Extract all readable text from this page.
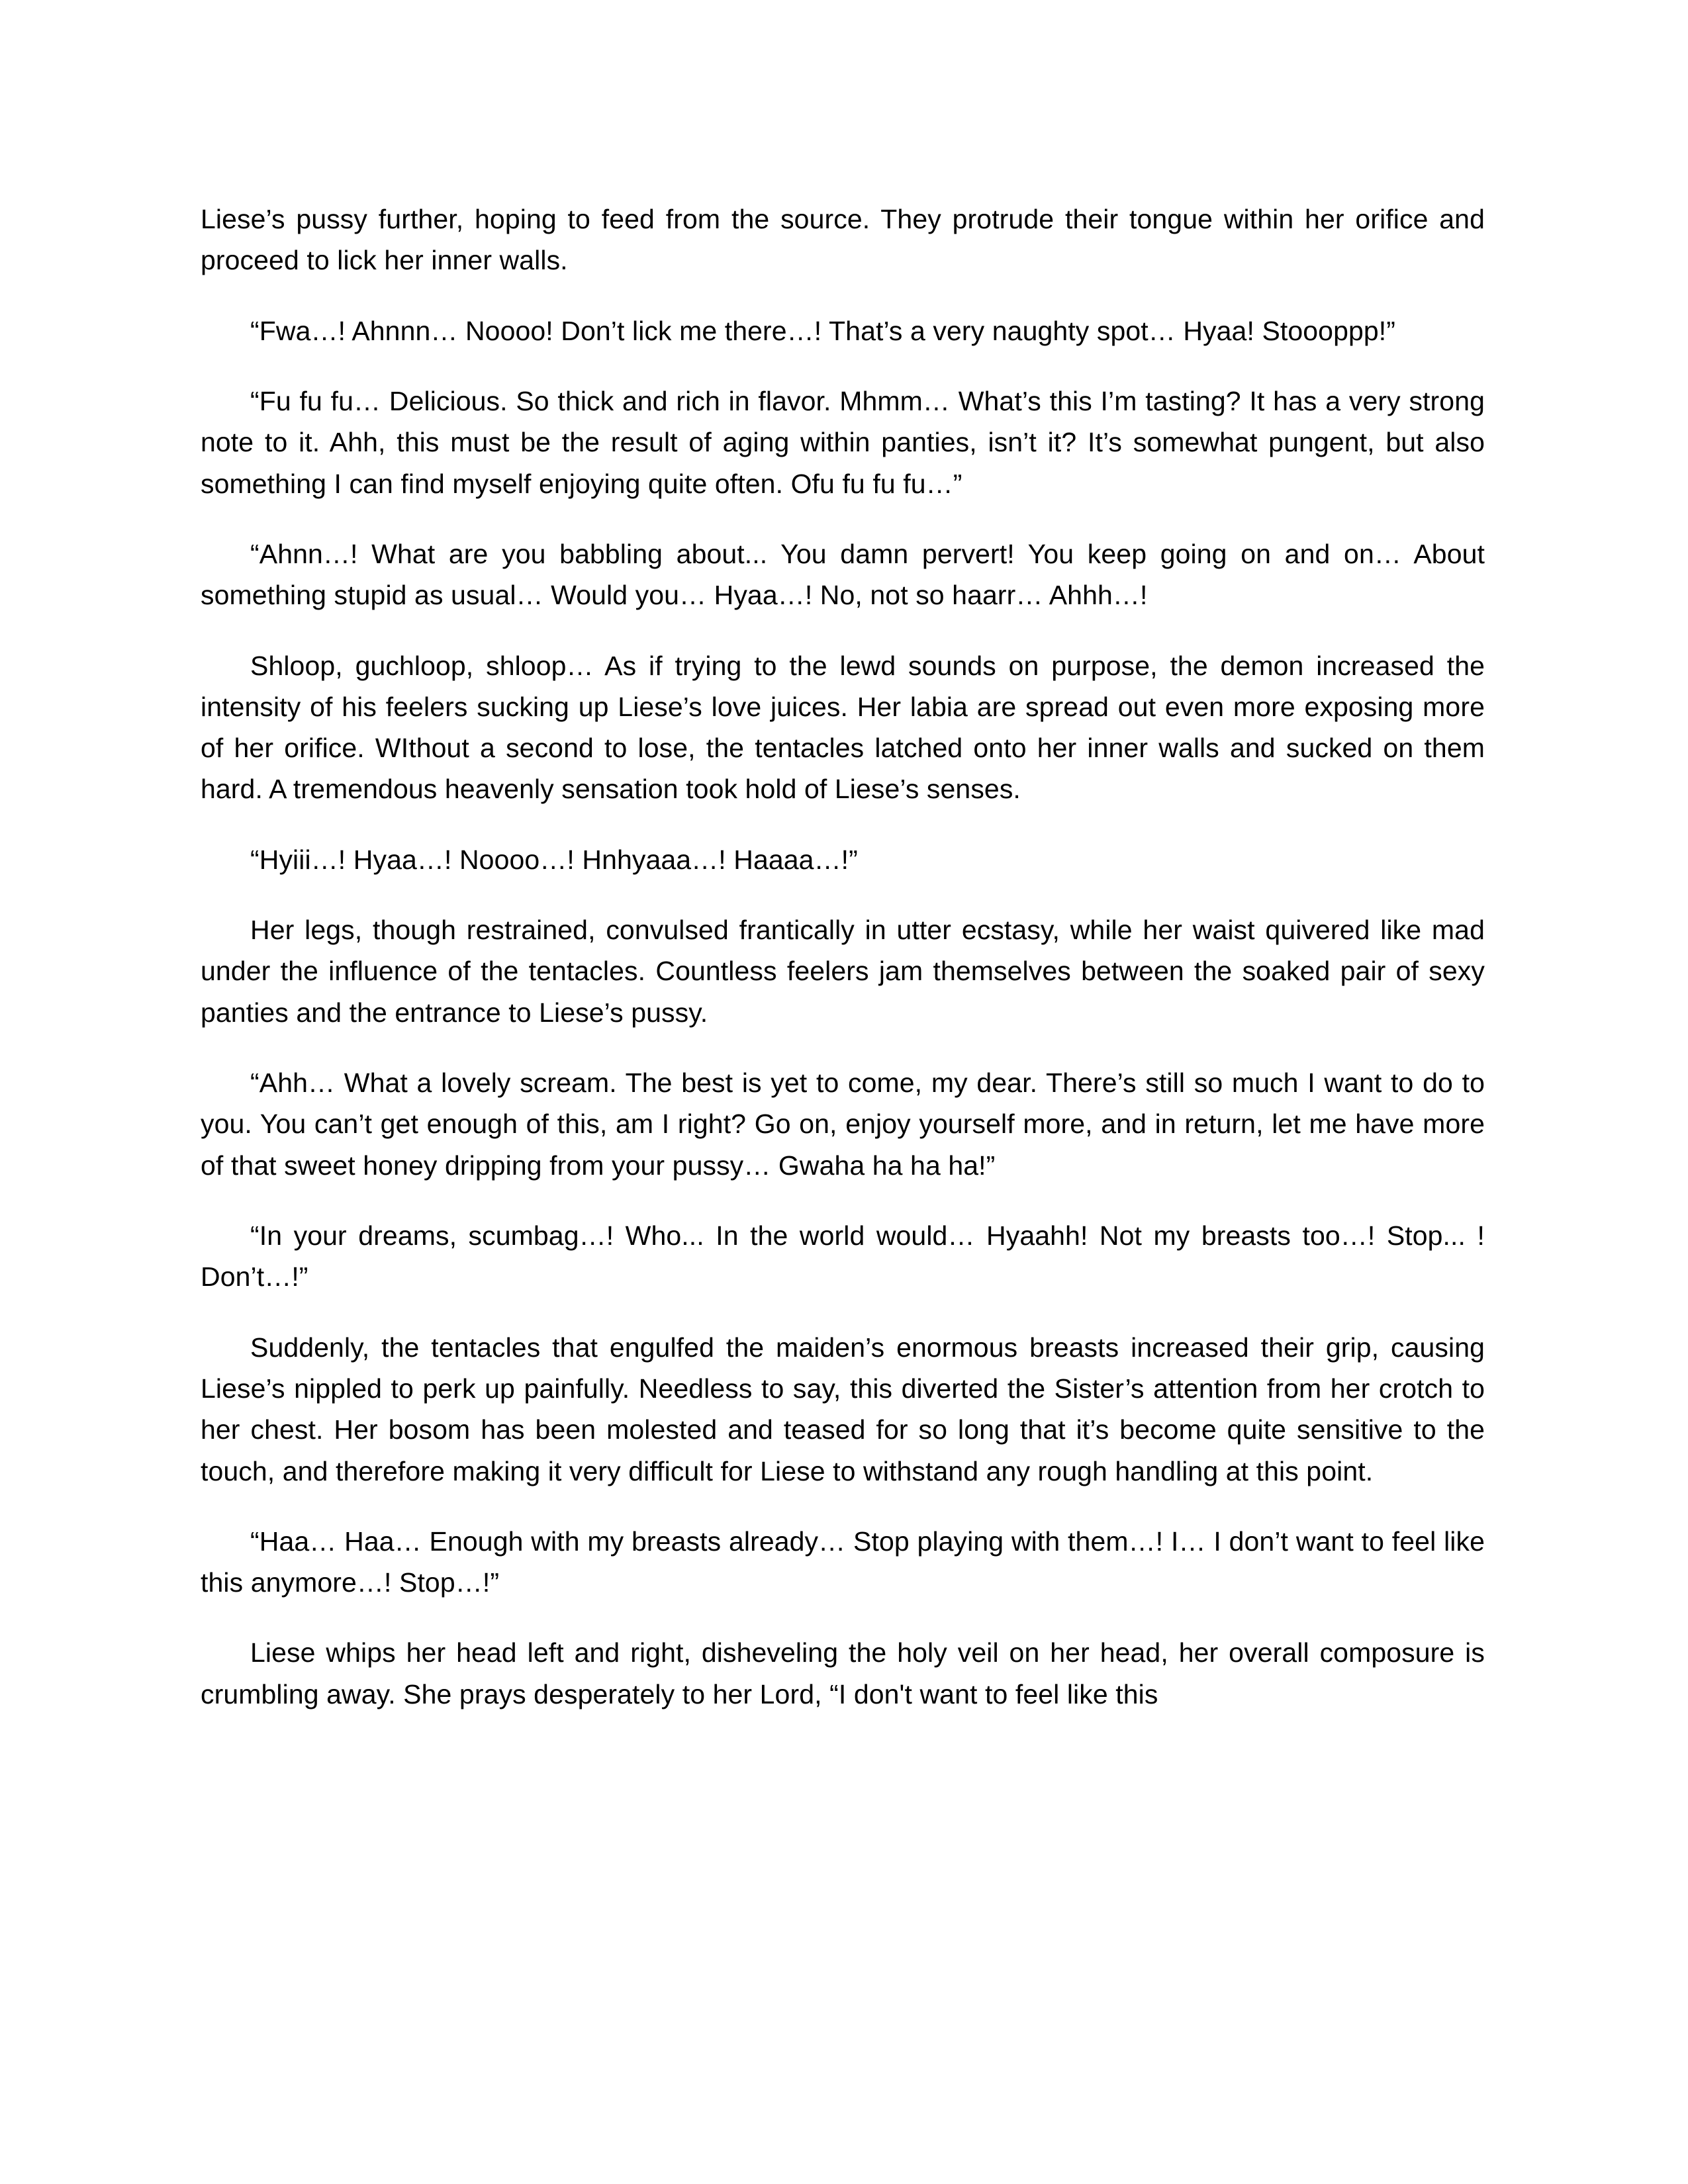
Liese’s pussy further, hoping to feed from the source. They protrude their tongue within her orifice and proceed to lick her inner walls.

“Fwa…! Ahnnn… Noooo! Don’t lick me there…! That’s a very naughty spot… Hyaa! Stoooppp!”

“Fu fu fu… Delicious. So thick and rich in flavor. Mhmm… What’s this I’m tasting? It has a very strong note to it. Ahh, this must be the result of aging within panties, isn’t it? It’s somewhat pungent, but also something I can find myself enjoying quite often. Ofu fu fu fu…”

“Ahnn…! What are you babbling about... You damn pervert! You keep going on and on… About something stupid as usual… Would you… Hyaa…! No, not so haarr… Ahhh…!

Shloop, guchloop, shloop… As if trying to the lewd sounds on purpose, the demon increased the intensity of his feelers sucking up Liese’s love juices. Her labia are spread out even more exposing more of her orifice. WIthout a second to lose, the tentacles latched onto her inner walls and sucked on them hard. A tremendous heavenly sensation took hold of Liese’s senses.

“Hyiii…! Hyaa…! Noooo…! Hnhyaaa…! Haaaa…!”

Her legs, though restrained, convulsed frantically in utter ecstasy, while her waist quivered like mad under the influence of the tentacles. Countless feelers jam themselves between the soaked pair of sexy panties and the entrance to Liese’s pussy.

“Ahh… What a lovely scream. The best is yet to come, my dear. There’s still so much I want to do to you. You can’t get enough of this, am I right? Go on, enjoy yourself more, and in return, let me have more of that sweet honey dripping from your pussy… Gwaha ha ha ha!”

“In your dreams, scumbag…! Who... In the world would… Hyaahh! Not my breasts too…! Stop... ! Don’t…!”

Suddenly, the tentacles that engulfed the maiden’s enormous breasts increased their grip, causing Liese’s nippled to perk up painfully. Needless to say, this diverted the Sister’s attention from her crotch to her chest. Her bosom has been molested and teased for so long that it’s become quite sensitive to the touch, and therefore making it very difficult for Liese to withstand any rough handling at this point.

“Haa… Haa… Enough with my breasts already… Stop playing with them…! I… I don’t want to feel like this anymore…! Stop…!”

Liese whips her head left and right, disheveling the holy veil on her head, her overall composure is crumbling away. She prays desperately to her Lord, “I don't want to feel like this
